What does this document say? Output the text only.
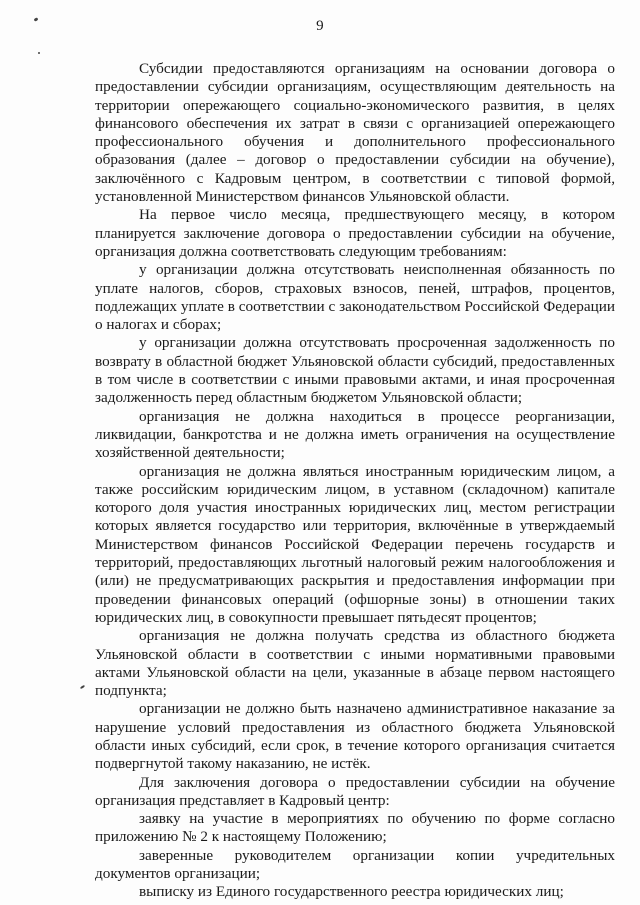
9

Субсидии предоставляются организациям на основании договора о предоставлении субсидии организациям, осуществляющим деятельность на территории опережающего социально-экономического развития, в целях финансового обеспечения их затрат в связи с организацией опережающего профессионального обучения и дополнительного профессионального образования (далее – договор о предоставлении субсидии на обучение), заключённого с Кадровым центром, в соответствии с типовой формой, установленной Министерством финансов Ульяновской области.

На первое число месяца, предшествующего месяцу, в котором планируется заключение договора о предоставлении субсидии на обучение, организация должна соответствовать следующим требованиям:

у организации должна отсутствовать неисполненная обязанность по уплате налогов, сборов, страховых взносов, пеней, штрафов, процентов, подлежащих уплате в соответствии с законодательством Российской Федерации о налогах и сборах;

у организации должна отсутствовать просроченная задолженность по возврату в областной бюджет Ульяновской области субсидий, предоставленных в том числе в соответствии с иными правовыми актами, и иная просроченная задолженность перед областным бюджетом Ульяновской области;

организация не должна находиться в процессе реорганизации, ликвидации, банкротства и не должна иметь ограничения на осуществление хозяйственной деятельности;

организация не должна являться иностранным юридическим лицом, а также российским юридическим лицом, в уставном (складочном) капитале которого доля участия иностранных юридических лиц, местом регистрации которых является государство или территория, включённые в утверждаемый Министерством финансов Российской Федерации перечень государств и территорий, предоставляющих льготный налоговый режим налогообложения и (или) не предусматривающих раскрытия и предоставления информации при проведении финансовых операций (офшорные зоны) в отношении таких юридических лиц, в совокупности превышает пятьдесят процентов;

организация не должна получать средства из областного бюджета Ульяновской области в соответствии с иными нормативными правовыми актами Ульяновской области на цели, указанные в абзаце первом настоящего подпункта;

организации не должно быть назначено административное наказание за нарушение условий предоставления из областного бюджета Ульяновской области иных субсидий, если срок, в течение которого организация считается подвергнутой такому наказанию, не истёк.

Для заключения договора о предоставлении субсидии на обучение организация представляет в Кадровый центр:

заявку на участие в мероприятиях по обучению по форме согласно приложению № 2 к настоящему Положению;

заверенные руководителем организации копии учредительных документов организации;

выписку из Единого государственного реестра юридических лиц;
